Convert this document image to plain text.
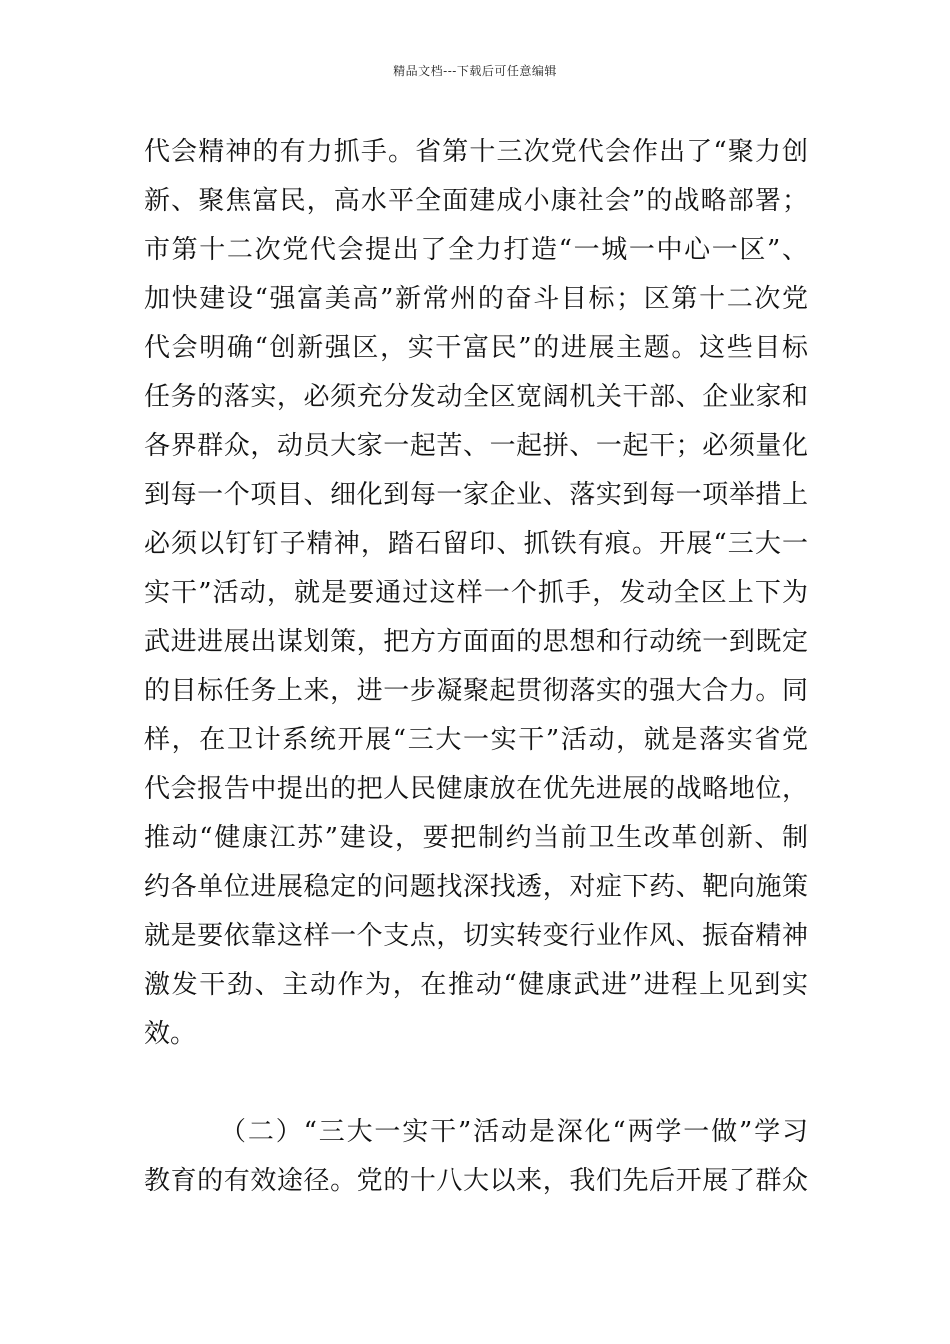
精品文档---下载后可任意编辑
代会精神的有力抓手。省第十三次党代会作出了“聚力创
新、聚焦富民，高水平全面建成小康社会”的战略部署；
市第十二次党代会提出了全力打造“一城一中心一区”、
加快建设“强富美高”新常州的奋斗目标；区第十二次党
代会明确“创新强区，实干富民”的进展主题。这些目标
任务的落实，必须充分发动全区宽阔机关干部、企业家和
各界群众，动员大家一起苦、一起拼、一起干；必须量化
到每一个项目、细化到每一家企业、落实到每一项举措上
必须以钉钉子精神，踏石留印、抓铁有痕。开展“三大一
实干”活动，就是要通过这样一个抓手，发动全区上下为
武进进展出谋划策，把方方面面的思想和行动统一到既定
的目标任务上来，进一步凝聚起贯彻落实的强大合力。同
样，在卫计系统开展“三大一实干”活动，就是落实省党
代会报告中提出的把人民健康放在优先进展的战略地位，
推动“健康江苏”建设，要把制约当前卫生改革创新、制
约各单位进展稳定的问题找深找透，对症下药、靶向施策
就是要依靠这样一个支点，切实转变行业作风、振奋精神
激发干劲、主动作为，在推动“健康武进”进程上见到实
效。
（二）“三大一实干”活动是深化“两学一做”学习
教育的有效途径。党的十八大以来，我们先后开展了群众
